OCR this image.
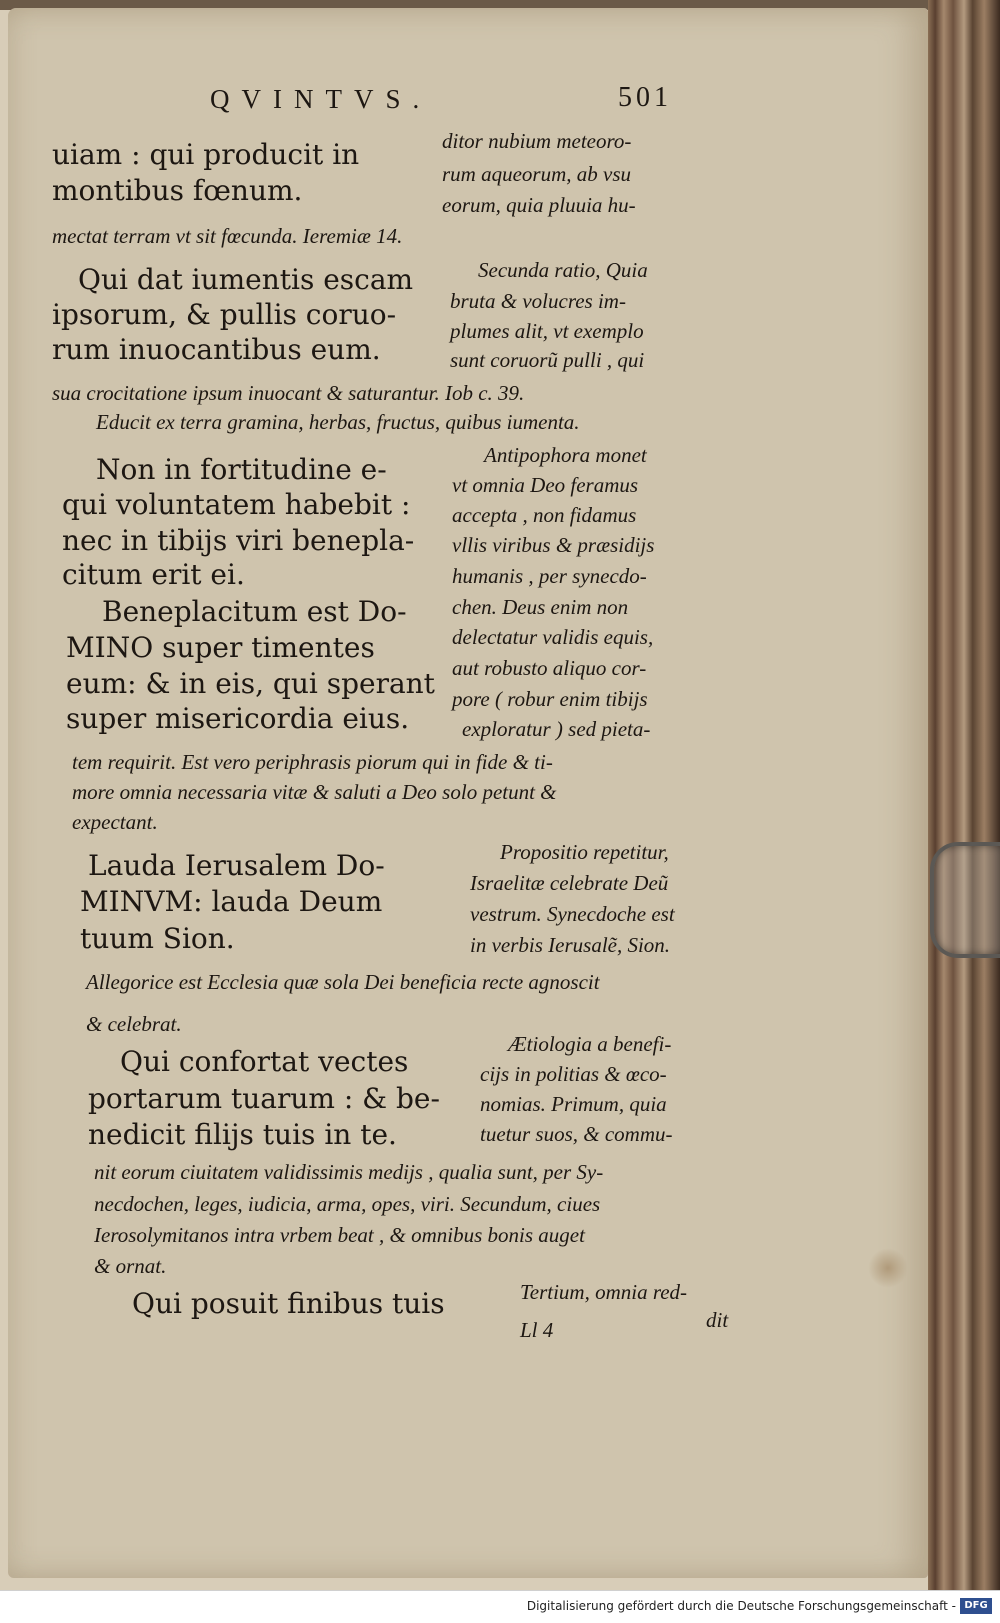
QVINTVS.	501
uiam : qui producit in
montibus fœnum.
ditor nubium meteoro-
rum aqueorum, ab vsu
eorum, quia pluuia hu-
mectat terram vt sit fœcunda. Ieremiæ 14.
Qui dat iumentis escam
ipsorum, & pullis coruo-
rum inuocantibus eum.
Secunda ratio, Quia
bruta & volucres im-
plumes alit, vt exemplo
sunt coruorũ pulli , qui
sua crocitatione ipsum inuocant & saturantur. Iob c. 39.
Educit ex terra gramina, herbas, fructus, quibus iumenta.
Non in fortitudine e-
qui voluntatem habebit :
nec in tibijs viri benepla-
citum erit ei.
Beneplacitum est Do-
MINO super timentes
eum: & in eis, qui sperant
super misericordia eius.
Antipophora monet
vt omnia Deo feramus
accepta , non fidamus
vllis viribus & præsidijs
humanis , per synecdo-
chen. Deus enim non
delectatur validis equis,
aut robusto aliquo cor-
pore ( robur enim tibijs
exploratur ) sed pieta-
tem requirit. Est vero periphrasis piorum qui in fide & ti-
more omnia necessaria vitæ & saluti a Deo solo petunt &
expectant.
Lauda Ierusalem Do-
MINVM: lauda Deum
tuum Sion.
Propositio repetitur,
Israelitæ celebrate Deũ
vestrum. Synecdoche est
in verbis Ierusalẽ, Sion.
Allegorice est Ecclesia quæ sola Dei beneficia recte agnoscit
& celebrat.
Qui confortat vectes
portarum tuarum : & be-
nedicit filijs tuis in te.
Ætiologia a benefi-
cijs in politias & œco-
nomias. Primum, quia
tuetur suos, & commu-
nit eorum ciuitatem validissimis medijs , qualia sunt, per Sy-
necdochen, leges, iudicia, arma, opes, viri. Secundum, ciues
Ierosolymitanos intra vrbem beat , & omnibus bonis auget
& ornat.
Qui posuit finibus tuis	Tertium, omnia red-
Ll 4	dit
Digitalisierung gefördert durch die Deutsche Forschungsgemeinschaft - DFG
